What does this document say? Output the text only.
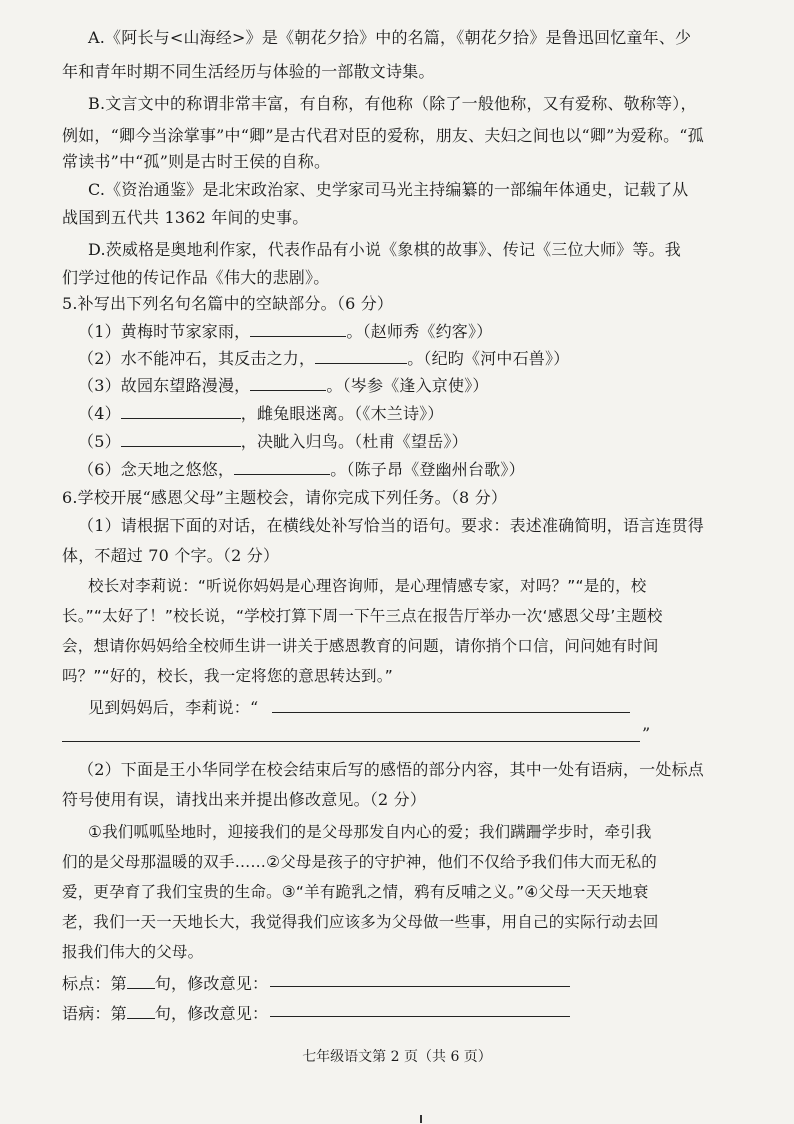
A.《阿长与<山海经>》是《朝花夕拾》中的名篇，《朝花夕拾》是鲁迅回忆童年、少
年和青年时期不同生活经历与体验的一部散文诗集。
B.文言文中的称谓非常丰富，有自称，有他称（除了一般他称，又有爱称、敬称等），
例如，“卿今当涂掌事”中“卿”是古代君对臣的爱称，朋友、夫妇之间也以“卿”为爱称。“孤
常读书”中“孤”则是古时王侯的自称。
C.《资治通鉴》是北宋政治家、史学家司马光主持编纂的一部编年体通史，记载了从
战国到五代共 1362 年间的史事。
D.茨威格是奥地利作家，代表作品有小说《象棋的故事》、传记《三位大师》等。我
们学过他的传记作品《伟大的悲剧》。
5.补写出下列名句名篇中的空缺部分。（6 分）
（1）黄梅时节家家雨，	。（赵师秀《约客》）
（2）水不能冲石，其反击之力，	。（纪昀《河中石兽》）
（3）故园东望路漫漫，	。（岑参《逢入京使》）
（4）	，雌兔眼迷离。（《木兰诗》）
（5）	，决眦入归鸟。（杜甫《望岳》）
（6）念天地之悠悠，	。（陈子昂《登幽州台歌》）
6.学校开展“感恩父母”主题校会，请你完成下列任务。（8 分）
（1）请根据下面的对话，在横线处补写恰当的语句。要求：表述准确简明，语言连贯得
体，不超过 70 个字。（2 分）
校长对李莉说：“听说你妈妈是心理咨询师，是心理情感专家，对吗？”“是的，校
长。”“太好了！”校长说，“学校打算下周一下午三点在报告厅举办一次‘感恩父母’主题校
会，想请你妈妈给全校师生讲一讲关于感恩教育的问题，请你捎个口信，问问她有时间
吗？”“好的，校长，我一定将您的意思转达到。”
见到妈妈后，李莉说：“
”
（2）下面是王小华同学在校会结束后写的感悟的部分内容，其中一处有语病，一处标点
符号使用有误，请找出来并提出修改意见。（2 分）
①我们呱呱坠地时，迎接我们的是父母那发自内心的爱；我们蹒跚学步时，牵引我
们的是父母那温暖的双手……②父母是孩子的守护神，他们不仅给予我们伟大而无私的
爱，更孕育了我们宝贵的生命。③“羊有跪乳之情，鸦有反哺之义。”④父母一天天地衰
老，我们一天一天地长大，我觉得我们应该多为父母做一些事，用自己的实际行动去回
报我们伟大的父母。
标点：第 句，修改意见：
语病：第 句，修改意见：
七年级语文第 2 页（共 6 页）
